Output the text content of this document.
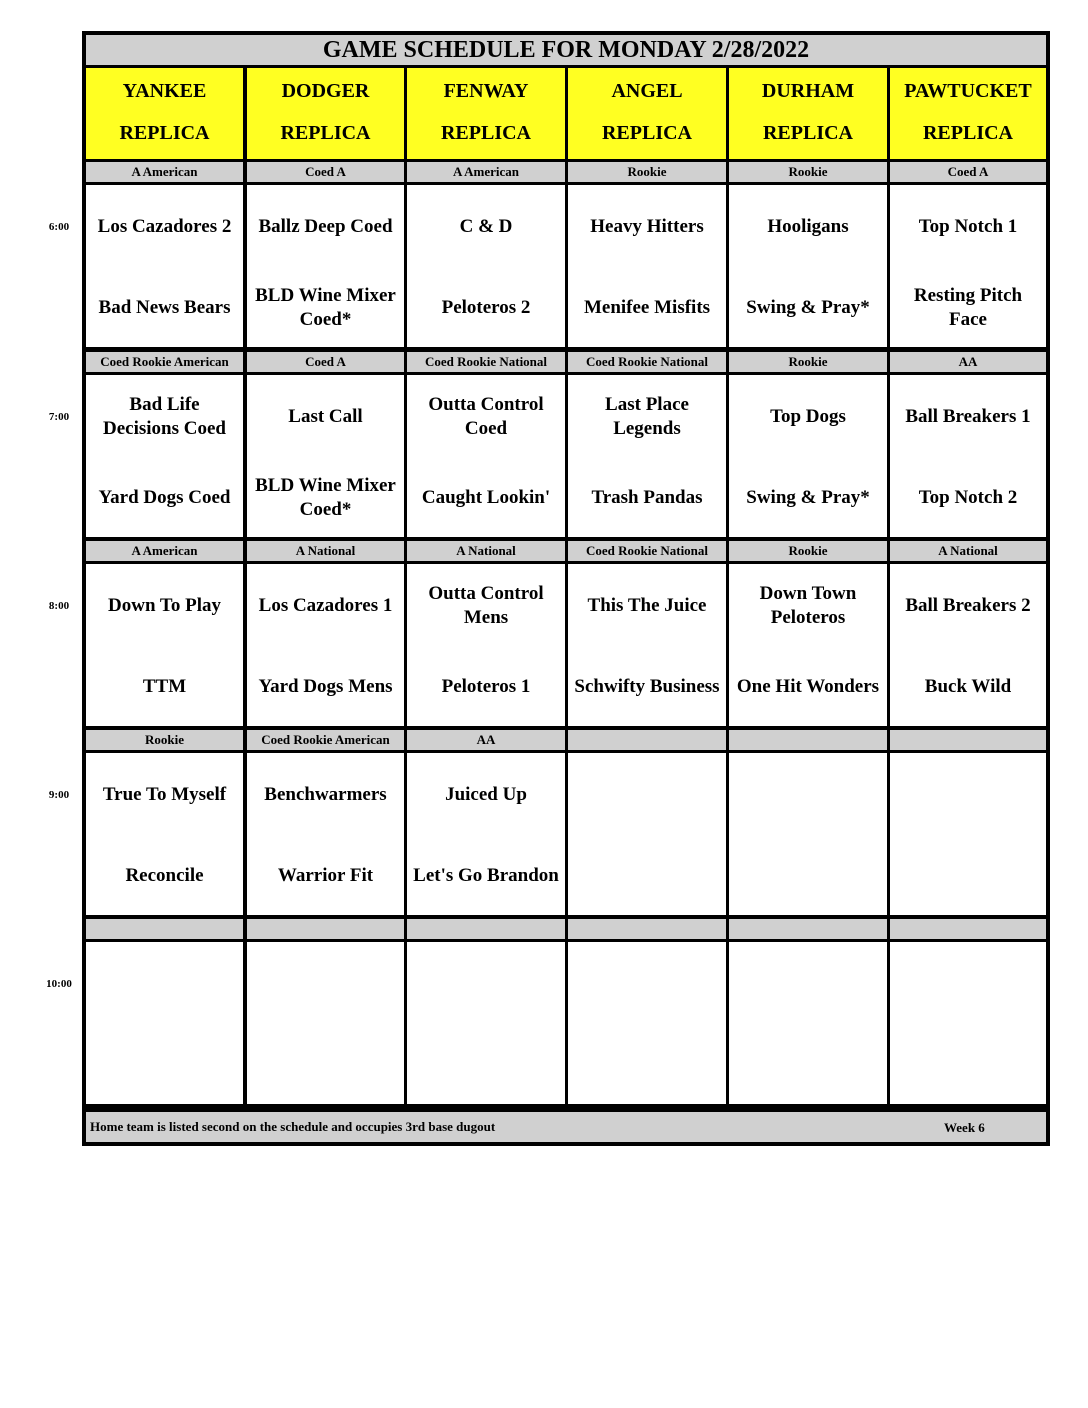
GAME SCHEDULE FOR MONDAY 2/28/2022
YANKEE
REPLICA
DODGER
REPLICA
FENWAY
REPLICA
ANGEL
REPLICA
DURHAM
REPLICA
PAWTUCKET
REPLICA
A American
Los Cazadores 2
Bad News Bears
Coed A
Ballz Deep Coed
BLD Wine Mixer Coed*
A American
C & D
Peloteros 2
Rookie
Heavy Hitters
Menifee Misfits
Rookie
Hooligans
Swing & Pray*
Coed A
Top Notch 1
Resting Pitch Face
Coed Rookie American
Bad Life Decisions Coed
Yard Dogs Coed
Coed A
Last Call
BLD Wine Mixer Coed*
Coed Rookie National
Outta Control Coed
Caught Lookin'
Coed Rookie National
Last Place Legends
Trash Pandas
Rookie
Top Dogs
Swing & Pray*
AA
Ball Breakers 1
Top Notch 2
A American
Down To Play
TTM
A National
Los Cazadores 1
Yard Dogs Mens
A National
Outta Control Mens
Peloteros 1
Coed Rookie National
This The Juice
Schwifty Business
Rookie
Down Town Peloteros
One Hit Wonders
A National
Ball Breakers 2
Buck Wild
Rookie
True To Myself
Reconcile
Coed Rookie American
Benchwarmers
Warrior Fit
AA
Juiced Up
Let's Go Brandon
Home team is listed second on the schedule and occupies 3rd base dugout	Week 6
6:00
7:00
8:00
9:00
10:00
